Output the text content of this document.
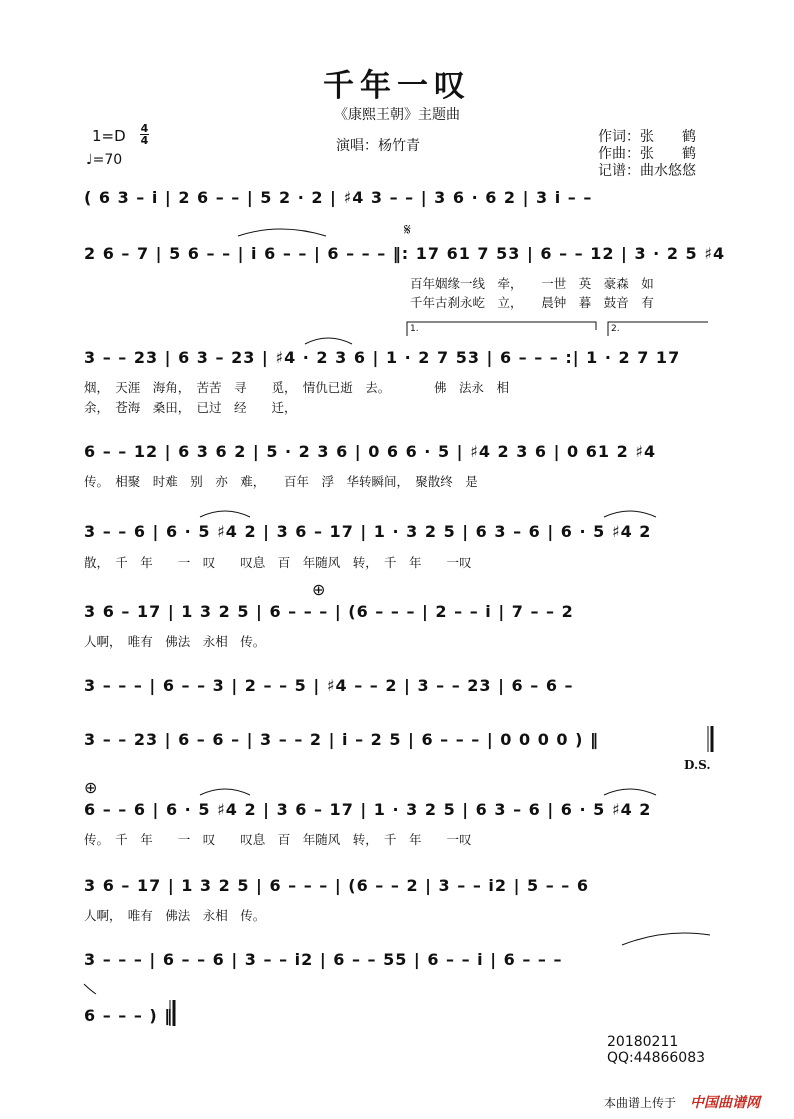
千年一叹
《康熙王朝》主题曲
1=D 4
4
♩=70
演唱：杨竹青
作词：张　　鹤
作曲：张　　鹤
记谱：曲水悠悠
( 6 3 – i | 2 6 – – | 5 2 · 2 | ♯4 3 – – | 3 6 · 6 2 | 3 i – –
2 6 – 7 | 5 6 – – | i 6 – – | 6 – – – ‖: 17 61 7 53 | 6 – – 12 | 3 · 2 5 ♯4
𝄋
百年姻缘一线　牵，　　一世　英　豪森　如
千年古刹永屹　立，　　晨钟　暮　鼓音　有
1.	2.
3 – – 23 | 6 3 – 23 | ♯4 · 2 3 6 | 1 · 2 7 53 | 6 – – – :| 1 · 2 7 17
烟，　天涯　海角，　苦苦　寻　　觅，　情仇已逝　去。　　　　佛　法永　相
余，　苍海　桑田，　已过　经　　迁，
6 – – 12 | 6 3 6 2 | 5 · 2 3 6 | 0 6 6 · 5 | ♯4 2 3 6 | 0 61 2 ♯4
传。　相聚　时难　别　亦　难，　　百年　浮　华转瞬间，　聚散终　是
3 – – 6 | 6 · 5 ♯4 2 | 3 6 – 17 | 1 · 3 2 5 | 6 3 – 6 | 6 · 5 ♯4 2
散，　千　年　　一　叹　　叹息　百　年随风　转，　千　年　　一叹
⊕
3 6 – 17 | 1 3 2 5 | 6 – – – | (6 – – – | 2 – – i | 7 – – 2
人啊，　唯有　佛法　永相　传。
3 – – – | 6 – – 3 | 2 – – 5 | ♯4 – – 2 | 3 – – 23 | 6 – 6 –
3 – – 23 | 6 – 6 – | 3 – – 2 | i – 2 5 | 6 – – – | 0 0 0 0 ) ‖
D.S.
⊕
6 – – 6 | 6 · 5 ♯4 2 | 3 6 – 17 | 1 · 3 2 5 | 6 3 – 6 | 6 · 5 ♯4 2
传。　千　年　　一　叹　　叹息　百　年随风　转，　千　年　　一叹
3 6 – 17 | 1 3 2 5 | 6 – – – | (6 – – 2 | 3 – – i2 | 5 – – 6
人啊，　唯有　佛法　永相　传。
3 – – – | 6 – – 6 | 3 – – i2 | 6 – – 55 | 6 – – i | 6 – – –
6 – – – ) ‖
20180211
QQ:44866083
本曲谱上传于 中国曲谱网
